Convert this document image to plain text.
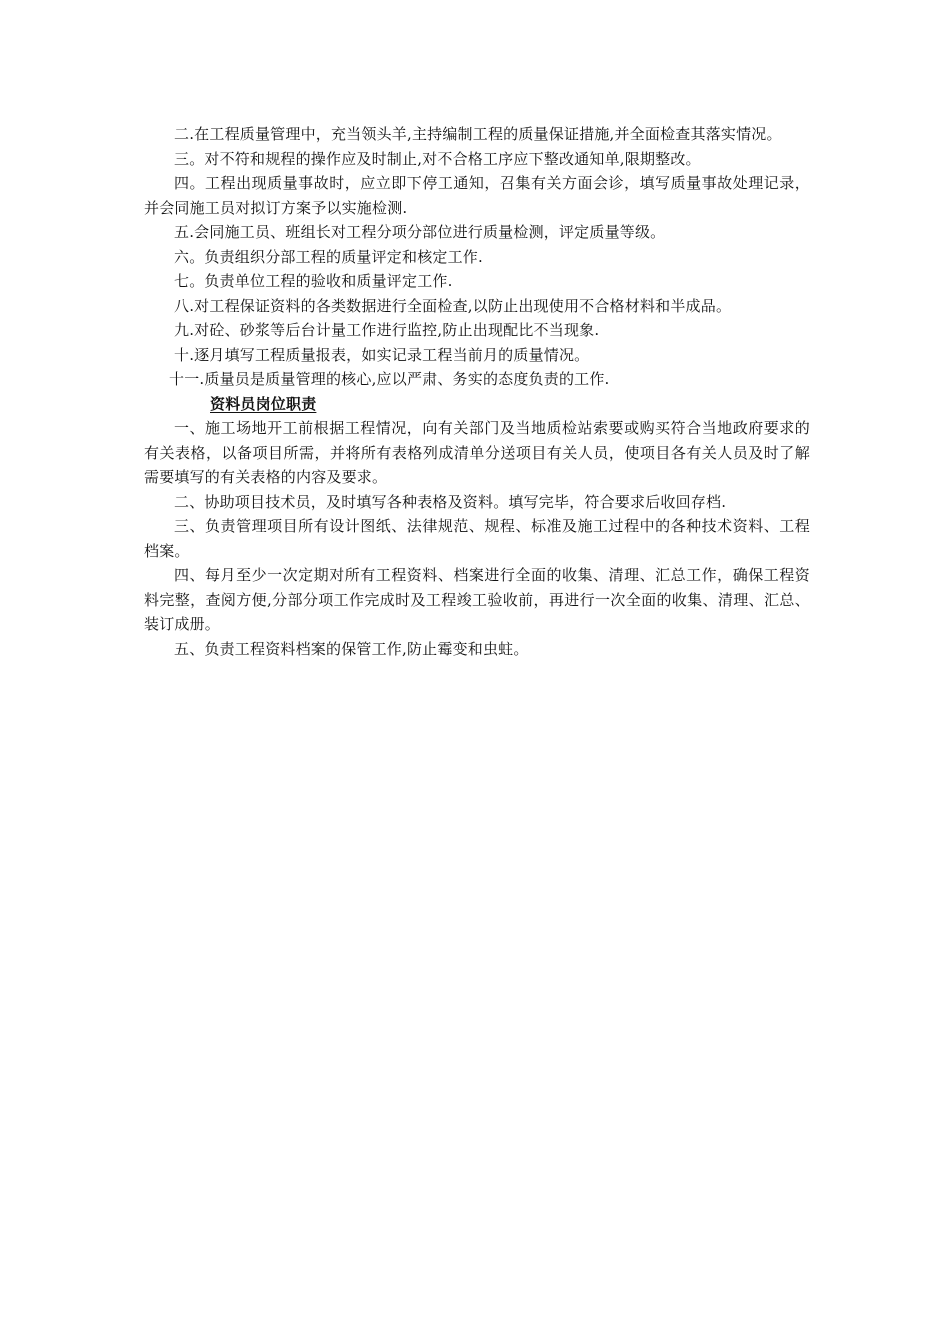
二.在工程质量管理中，充当领头羊,主持编制工程的质量保证措施,并全面检查其落实情况。

三。对不符和规程的操作应及时制止,对不合格工序应下整改通知单,限期整改。

四。工程出现质量事故时，应立即下停工通知，召集有关方面会诊，填写质量事故处理记录，并会同施工员对拟订方案予以实施检测.

五.会同施工员、班组长对工程分项分部位进行质量检测，评定质量等级。

六。负责组织分部工程的质量评定和核定工作.

七。负责单位工程的验收和质量评定工作.

八.对工程保证资料的各类数据进行全面检查,以防止出现使用不合格材料和半成品。

九.对砼、砂浆等后台计量工作进行监控,防止出现配比不当现象.

十.逐月填写工程质量报表，如实记录工程当前月的质量情况。

十一.质量员是质量管理的核心,应以严肃、务实的态度负责的工作.

资料员岗位职责

一、施工场地开工前根据工程情况，向有关部门及当地质检站索要或购买符合当地政府要求的有关表格，以备项目所需，并将所有表格列成清单分送项目有关人员，使项目各有关人员及时了解需要填写的有关表格的内容及要求。

二、协助项目技术员，及时填写各种表格及资料。填写完毕，符合要求后收回存档.

三、负责管理项目所有设计图纸、法律规范、规程、标准及施工过程中的各种技术资料、工程档案。

四、每月至少一次定期对所有工程资料、档案进行全面的收集、清理、汇总工作，确保工程资料完整，查阅方便,分部分项工作完成时及工程竣工验收前，再进行一次全面的收集、清理、汇总、装订成册。

五、负责工程资料档案的保管工作,防止霉变和虫蛀。
